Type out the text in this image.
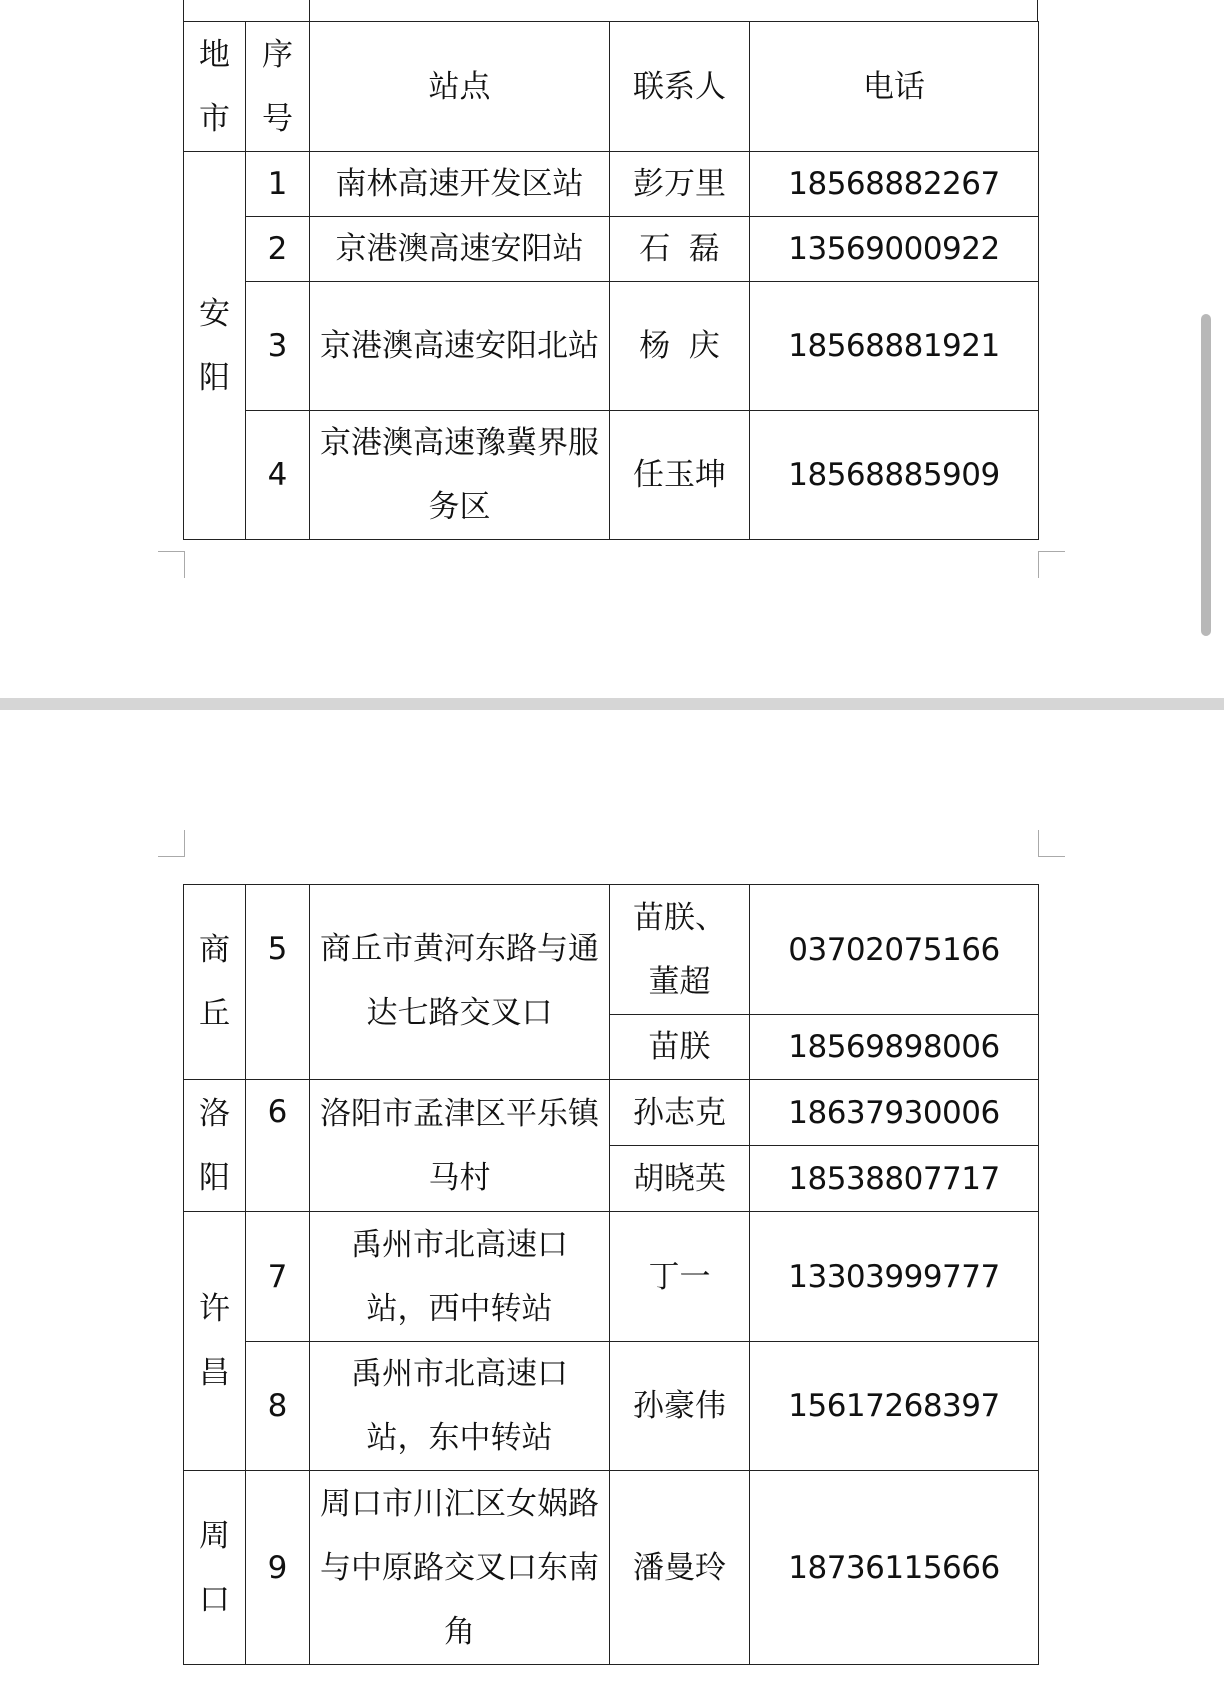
地市	序号	站点	联系人	电话
安阳	1	南林高速开发区站	彭万里	18568882267
	2	京港澳高速安阳站	石磊	13569000922
	3	京港澳高速安阳北站	杨庆	18568881921
	4	京港澳高速豫冀界服务区	任玉坤	18568885909
商丘	5	商丘市黄河东路与通达七路交叉口	苗朕、董超	03702075166
			苗朕	18569898006
洛阳	6	洛阳市孟津区平乐镇马村	孙志克	18637930006
			胡晓英	18538807717
许昌	7	禹州市北高速口站，西中转站	丁一	13303999777
	8	禹州市北高速口站，东中转站	孙豪伟	15617268397
周口	9	周口市川汇区女娲路与中原路交叉口东南角	潘曼玲	18736115666
